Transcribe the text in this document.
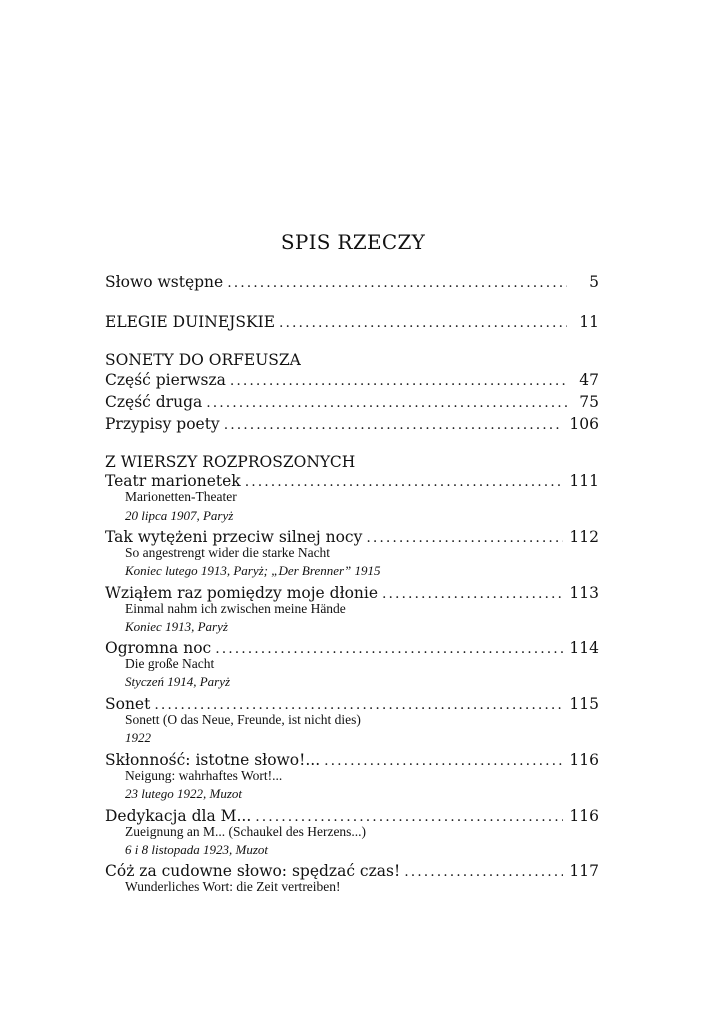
SPIS RZECZY
Słowo wstępne . . .	5
ELEGIE DUINEJSKIE . . .	11
SONETY DO ORFEUSZA
Część pierwsza . . .	47
Część druga . . .	75
Przypisy poety . . .	106
Z WIERSZY ROZPROSZONYCH
Teatr marionetek . . .	111
Marionetten-Theater
20 lipca 1907, Paryż
Tak wytężeni przeciw silnej nocy . . .	112
So angestrengt wider die starke Nacht
Koniec lutego 1913, Paryż; „Der Brenner” 1915
Wziąłem raz pomiędzy moje dłonie . . .	113
Einmal nahm ich zwischen meine Hände
Koniec 1913, Paryż
Ogromna noc . . .	114
Die große Nacht
Styczeń 1914, Paryż
Sonet . . .	115
Sonett (O das Neue, Freunde, ist nicht dies)
1922
Skłonność: istotne słowo!... . . .	116
Neigung: wahrhaftes Wort!...
23 lutego 1922, Muzot
Dedykacja dla M... . . .	116
Zueignung an M... (Schaukel des Herzens...)
6 i 8 listopada 1923, Muzot
Cóż za cudowne słowo: spędzać czas! . . .	117
Wunderliches Wort: die Zeit vertreiben!
